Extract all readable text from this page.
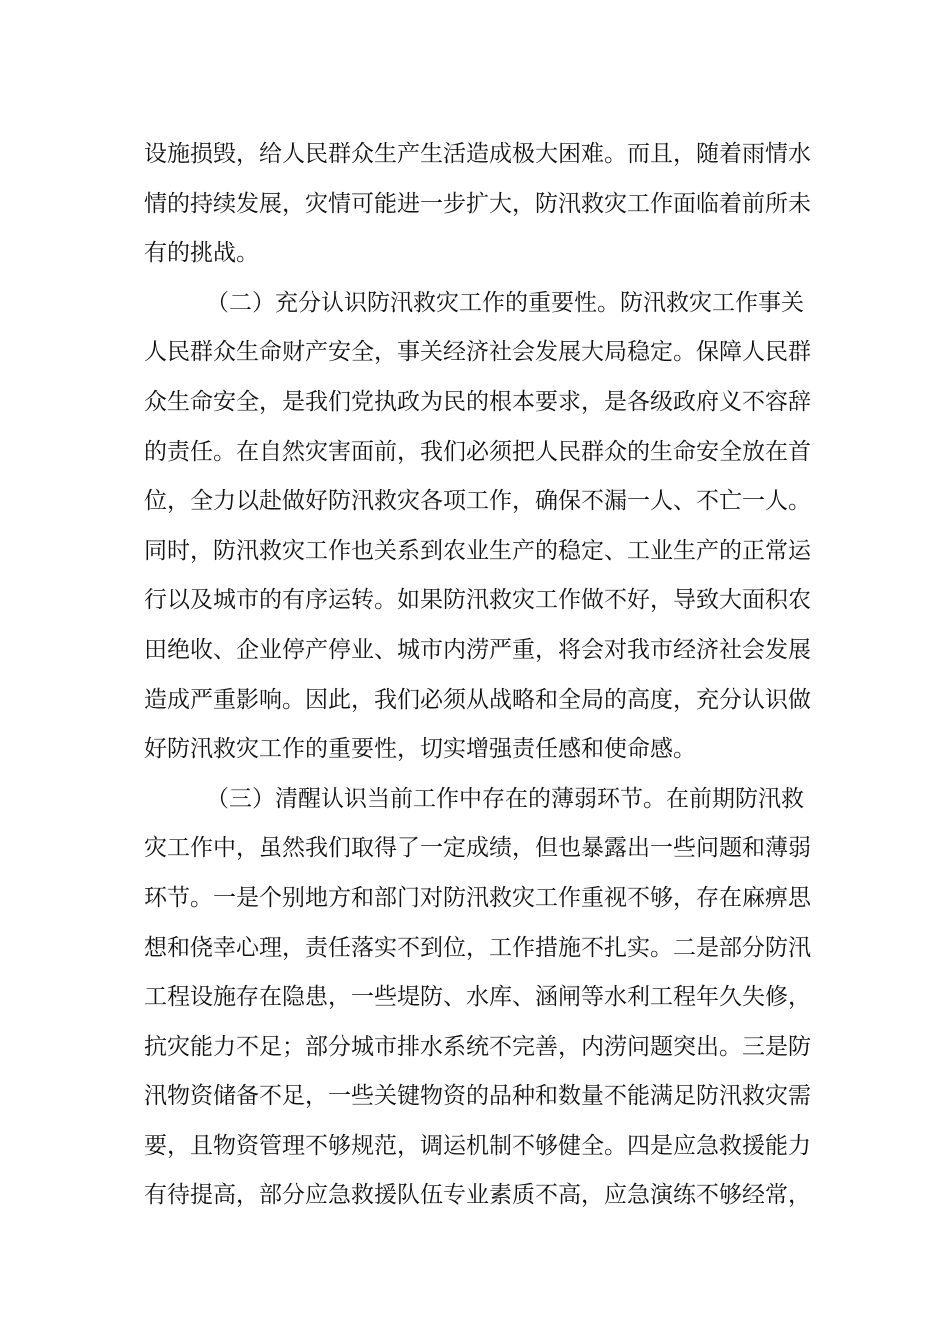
设施损毁，给人民群众生产生活造成极大困难。而且，随着雨情水
情的持续发展，灾情可能进一步扩大，防汛救灾工作面临着前所未
有的挑战。
（二）充分认识防汛救灾工作的重要性。防汛救灾工作事关
人民群众生命财产安全，事关经济社会发展大局稳定。保障人民群
众生命安全，是我们党执政为民的根本要求，是各级政府义不容辞
的责任。在自然灾害面前，我们必须把人民群众的生命安全放在首
位，全力以赴做好防汛救灾各项工作，确保不漏一人、不亡一人。
同时，防汛救灾工作也关系到农业生产的稳定、工业生产的正常运
行以及城市的有序运转。如果防汛救灾工作做不好，导致大面积农
田绝收、企业停产停业、城市内涝严重，将会对我市经济社会发展
造成严重影响。因此，我们必须从战略和全局的高度，充分认识做
好防汛救灾工作的重要性，切实增强责任感和使命感。
（三）清醒认识当前工作中存在的薄弱环节。在前期防汛救
灾工作中，虽然我们取得了一定成绩，但也暴露出一些问题和薄弱
环节。一是个别地方和部门对防汛救灾工作重视不够，存在麻痹思
想和侥幸心理，责任落实不到位，工作措施不扎实。二是部分防汛
工程设施存在隐患，一些堤防、水库、涵闸等水利工程年久失修，
抗灾能力不足；部分城市排水系统不完善，内涝问题突出。三是防
汛物资储备不足，一些关键物资的品种和数量不能满足防汛救灾需
要，且物资管理不够规范，调运机制不够健全。四是应急救援能力
有待提高，部分应急救援队伍专业素质不高，应急演练不够经常，
